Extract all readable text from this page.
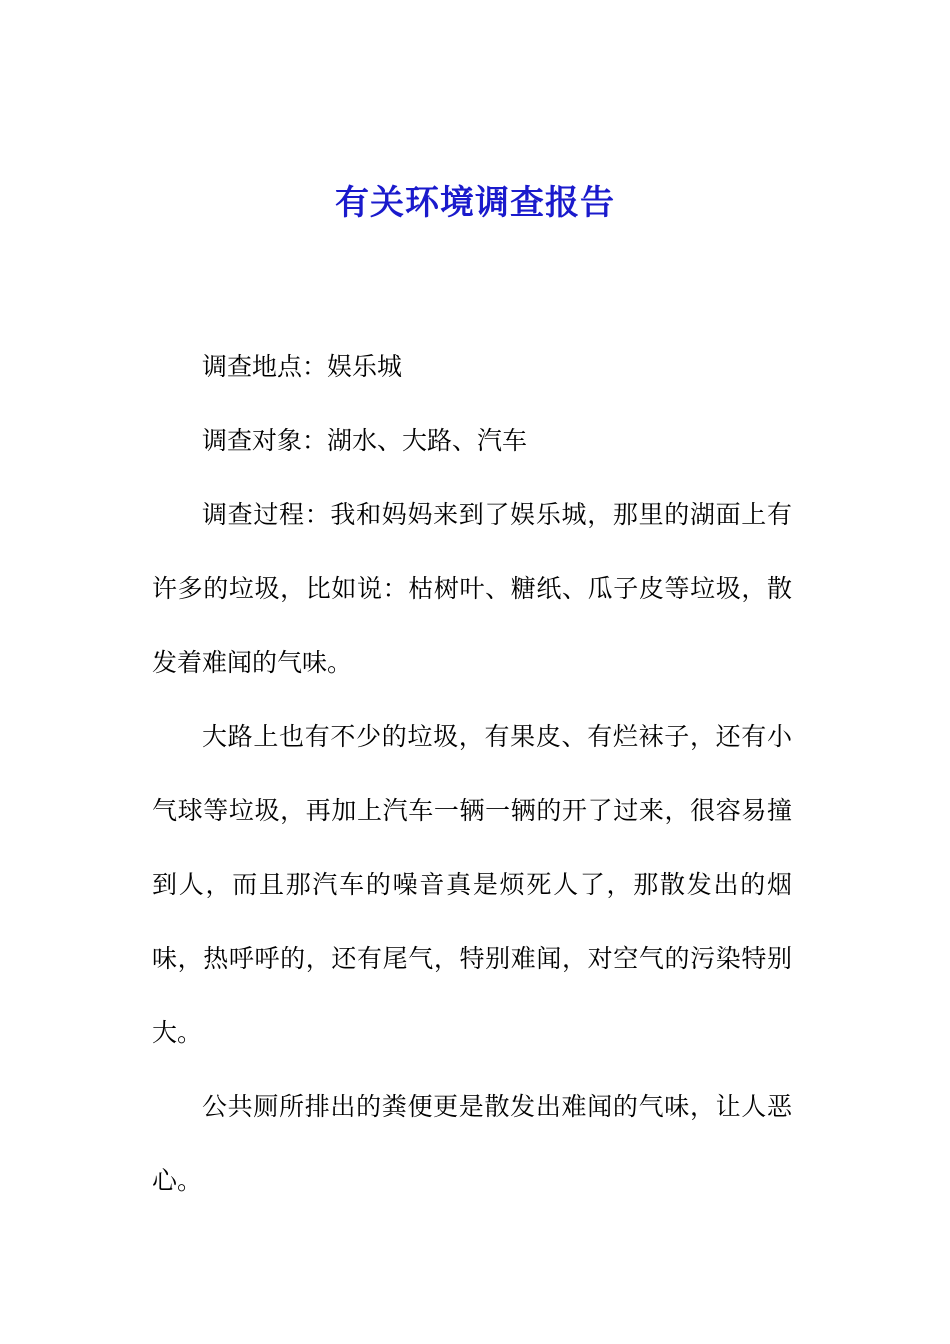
有关环境调查报告

调查地点：娱乐城

调查对象：湖水、大路、汽车

调查过程：我和妈妈来到了娱乐城，那里的湖面上有许多的垃圾，比如说：枯树叶、糖纸、瓜子皮等垃圾，散发着难闻的气味。

大路上也有不少的垃圾，有果皮、有烂袜子，还有小气球等垃圾，再加上汽车一辆一辆的开了过来，很容易撞到人，而且那汽车的噪音真是烦死人了，那散发出的烟味，热呼呼的，还有尾气，特别难闻，对空气的污染特别大。

公共厕所排出的粪便更是散发出难闻的气味，让人恶心。
